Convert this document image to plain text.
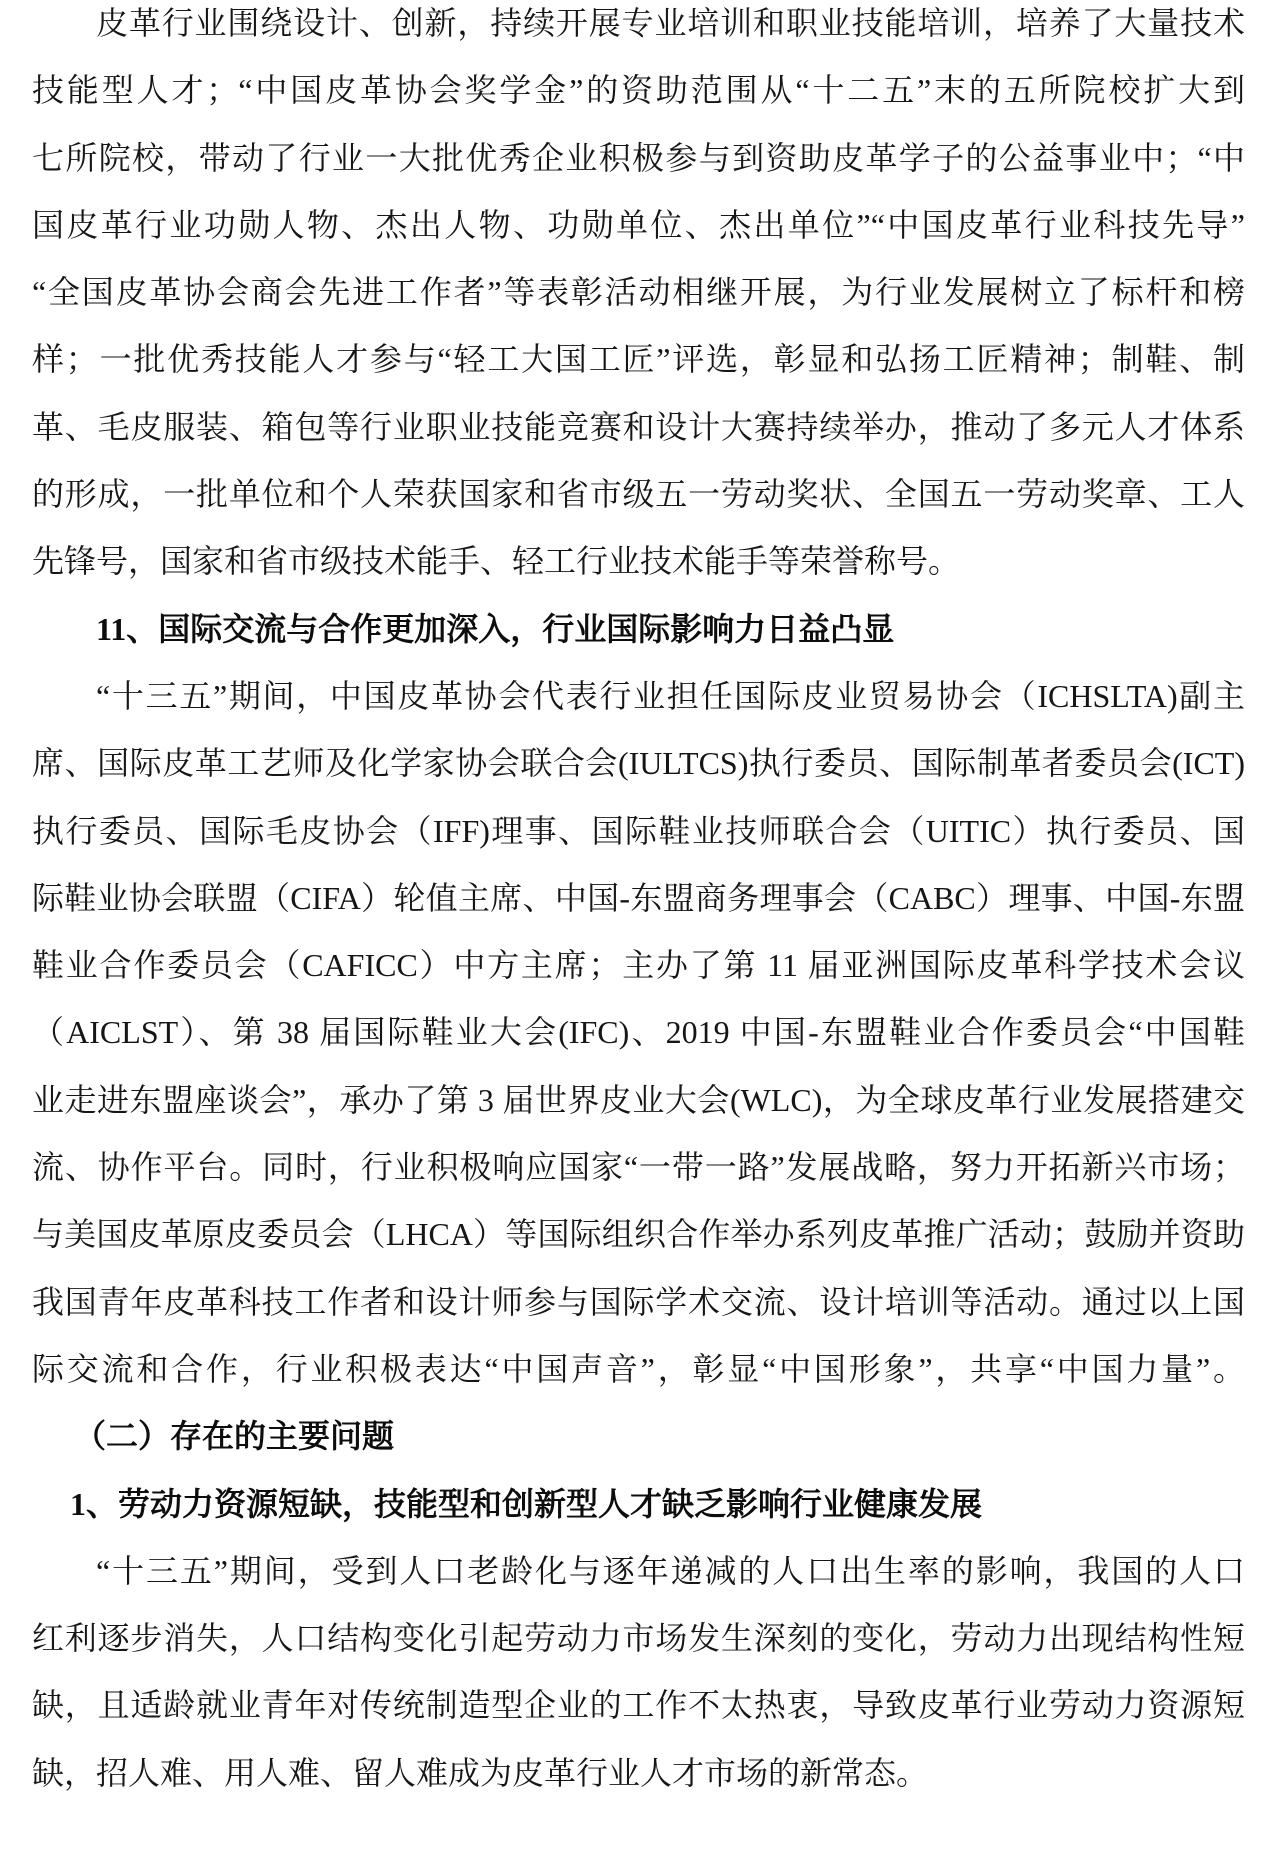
皮革行业围绕设计、创新，持续开展专业培训和职业技能培训，培养了大量技术
技能型人才；“中国皮革协会奖学金”的资助范围从“十二五”末的五所院校扩大到
七所院校，带动了行业一大批优秀企业积极参与到资助皮革学子的公益事业中；“中
国皮革行业功勋人物、杰出人物、功勋单位、杰出单位”“中国皮革行业科技先导”
“全国皮革协会商会先进工作者”等表彰活动相继开展，为行业发展树立了标杆和榜
样；一批优秀技能人才参与“轻工大国工匠”评选，彰显和弘扬工匠精神；制鞋、制
革、毛皮服装、箱包等行业职业技能竞赛和设计大赛持续举办，推动了多元人才体系
的形成，一批单位和个人荣获国家和省市级五一劳动奖状、全国五一劳动奖章、工人
先锋号，国家和省市级技术能手、轻工行业技术能手等荣誉称号。
11、国际交流与合作更加深入，行业国际影响力日益凸显
“十三五”期间，中国皮革协会代表行业担任国际皮业贸易协会（ICHSLTA)副主
席、国际皮革工艺师及化学家协会联合会(IULTCS)执行委员、国际制革者委员会(ICT)
执行委员、国际毛皮协会（IFF)理事、国际鞋业技师联合会（UITIC）执行委员、国
际鞋业协会联盟（CIFA）轮值主席、中国-东盟商务理事会（CABC）理事、中国-东盟
鞋业合作委员会（CAFICC）中方主席；主办了第 11 届亚洲国际皮革科学技术会议
（AICLST）、第 38 届国际鞋业大会(IFC)、2019 中国-东盟鞋业合作委员会“中国鞋
业走进东盟座谈会”，承办了第 3 届世界皮业大会(WLC)，为全球皮革行业发展搭建交
流、协作平台。同时，行业积极响应国家“一带一路”发展战略，努力开拓新兴市场；
与美国皮革原皮委员会（LHCA）等国际组织合作举办系列皮革推广活动；鼓励并资助
我国青年皮革科技工作者和设计师参与国际学术交流、设计培训等活动。通过以上国
际交流和合作，行业积极表达“中国声音”，彰显“中国形象”，共享“中国力量”。
（二）存在的主要问题
1、劳动力资源短缺，技能型和创新型人才缺乏影响行业健康发展
“十三五”期间，受到人口老龄化与逐年递减的人口出生率的影响，我国的人口
红利逐步消失，人口结构变化引起劳动力市场发生深刻的变化，劳动力出现结构性短
缺，且适龄就业青年对传统制造型企业的工作不太热衷，导致皮革行业劳动力资源短
缺，招人难、用人难、留人难成为皮革行业人才市场的新常态。
